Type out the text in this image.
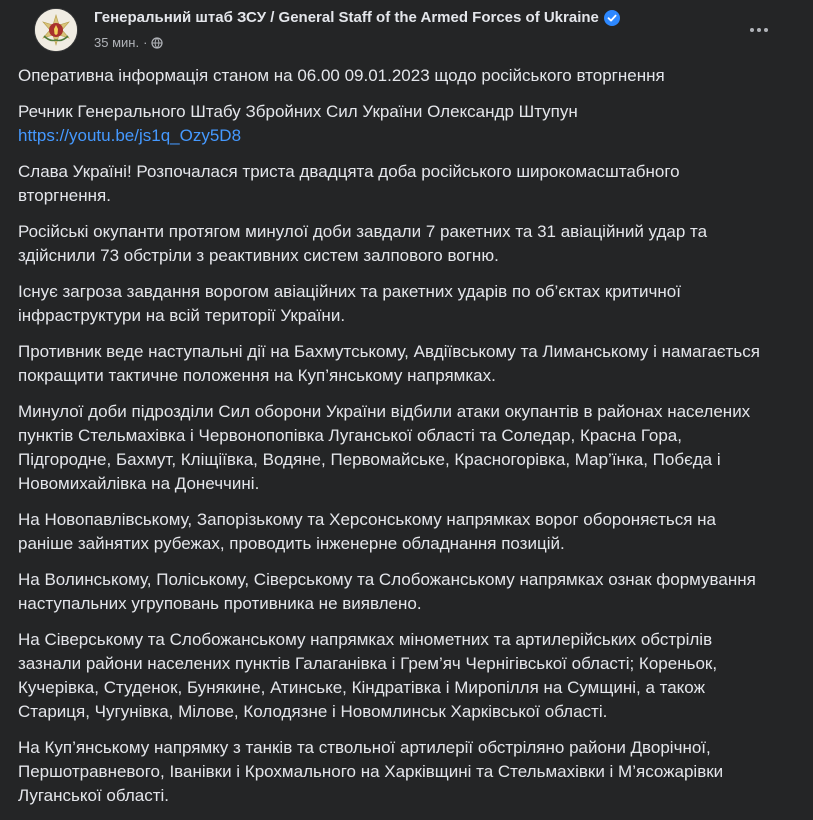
Генеральний штаб ЗСУ / General Staff of the Armed Forces of Ukraine
35 мин. ·

Оперативна інформація станом на 06.00 09.01.2023 щодо російського вторгнення

Речник Генерального Штабу Збройних Сил України Олександр Штупун
https://youtu.be/js1q_Ozy5D8

Слава Україні! Розпочалася триста двадцята доба російського широкомасштабного
вторгнення.

Російські окупанти протягом минулої доби завдали 7 ракетних та 31 авіаційний удар та
здійснили 73 обстріли з реактивних систем залпового вогню.

Існує загроза завдання ворогом авіаційних та ракетних ударів по об’єктах критичної
інфраструктури на всій території України.

Противник веде наступальні дії на Бахмутському, Авдіївському та Лиманському і намагається
покращити тактичне положення на Куп’янському напрямках.

Минулої доби підрозділи Сил оборони України відбили атаки окупантів в районах населених
пунктів Стельмахівка і Червонопопівка Луганської області та Соледар, Красна Гора,
Підгородне, Бахмут, Кліщіївка, Водяне, Первомайське, Красногорівка, Мар’їнка, Побєда і
Новомихайлівка на Донеччині.

На Новопавлівському, Запорізькому та Херсонському напрямках ворог обороняється на
раніше зайнятих рубежах, проводить інженерне обладнання позицій.

На Волинському, Поліському, Сіверському та Слобожанському напрямках ознак формування
наступальних угруповань противника не виявлено.

На Сіверському та Слобожанському напрямках мінометних та артилерійських обстрілів
зазнали райони населених пунктів Галаганівка і Грем’яч Чернігівської області; Кореньок,
Кучерівка, Студенок, Бунякине, Атинське, Кіндратівка і Миропілля на Сумщині, а також
Стариця, Чугунівка, Мілове, Колодязне і Новомлинськ Харківської області.

На Куп’янському напрямку з танків та ствольної артилерії обстріляно райони Дворічної,
Першотравневого, Іванівки і Крохмального на Харківщині та Стельмахівки і М’ясожарівки
Луганської області.
